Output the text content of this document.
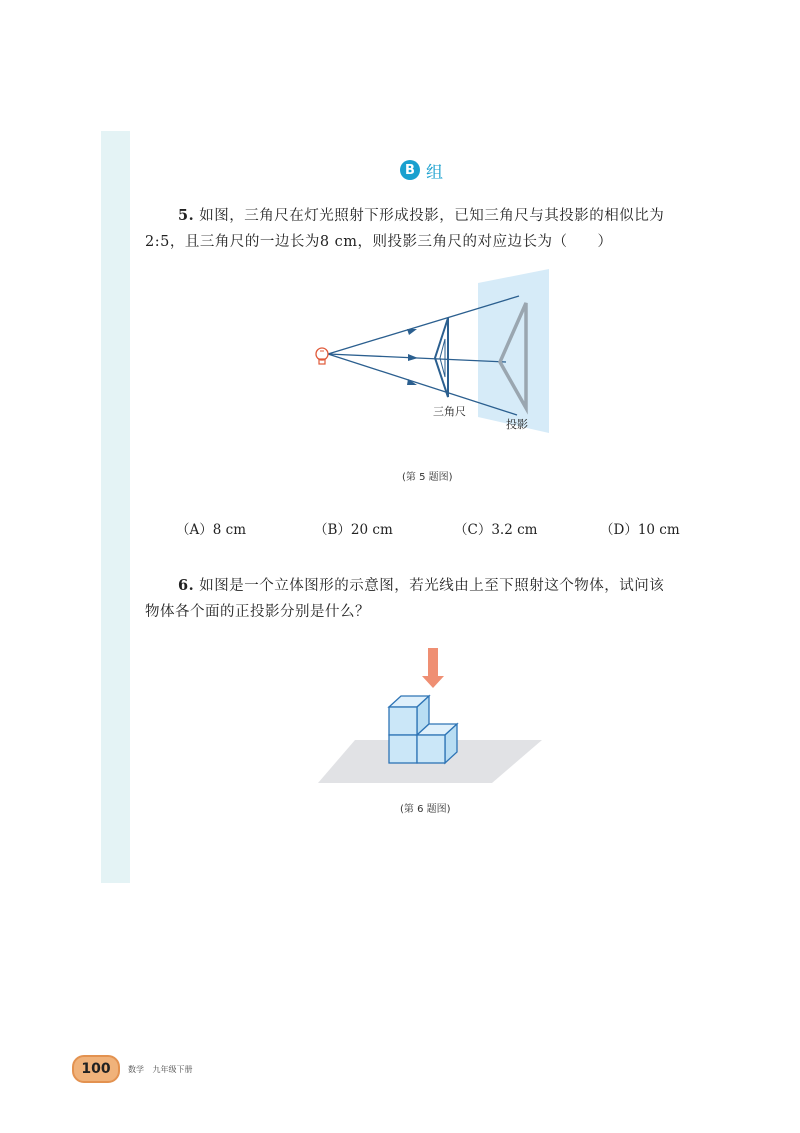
B 组
5. 如图，三角尺在灯光照射下形成投影，已知三角尺与其投影的相似比为
2:5，且三角尺的一边长为8 cm，则投影三角尺的对应边长为（　　）
三角尺
投影
(第 5 题图)
（A）8 cm	（B）20 cm	（C）3.2 cm	（D）10 cm
6. 如图是一个立体图形的示意图，若光线由上至下照射这个物体，试问该
物体各个面的正投影分别是什么？
(第 6 题图)
100	数学 九年级下册
